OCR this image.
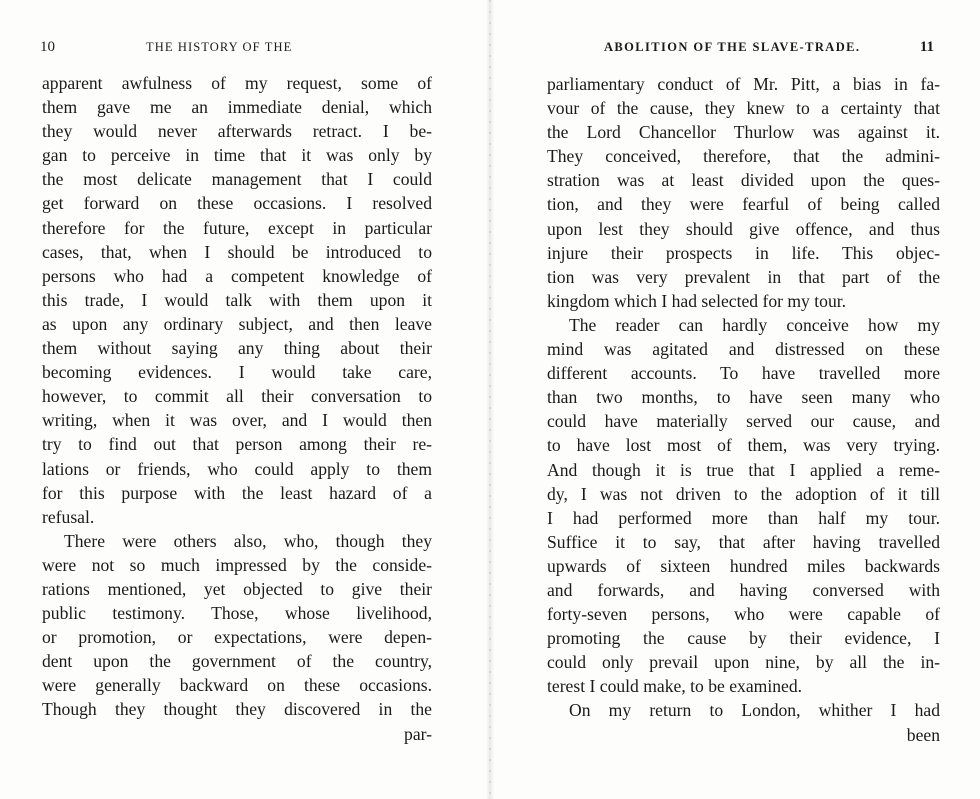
10	THE HISTORY OF THE
apparent awfulness of my request, some of
them gave me an immediate denial, which
they would never afterwards retract. I be-
gan to perceive in time that it was only by
the most delicate management that I could
get forward on these occasions. I resolved
therefore for the future, except in particular
cases, that, when I should be introduced to
persons who had a competent knowledge of
this trade, I would talk with them upon it
as upon any ordinary subject, and then leave
them without saying any thing about their
becoming evidences. I would take care,
however, to commit all their conversation to
writing, when it was over, and I would then
try to find out that person among their re-
lations or friends, who could apply to them
for this purpose with the least hazard of a
refusal.
There were others also, who, though they
were not so much impressed by the conside-
rations mentioned, yet objected to give their
public testimony. Those, whose livelihood,
or promotion, or expectations, were depen-
dent upon the government of the country,
were generally backward on these occasions.
Though they thought they discovered in the
par-
ABOLITION OF THE SLAVE-TRADE.	11
parliamentary conduct of Mr. Pitt, a bias in fa-
vour of the cause, they knew to a certainty that
the Lord Chancellor Thurlow was against it.
They conceived, therefore, that the admini-
stration was at least divided upon the ques-
tion, and they were fearful of being called
upon lest they should give offence, and thus
injure their prospects in life. This objec-
tion was very prevalent in that part of the
kingdom which I had selected for my tour.
The reader can hardly conceive how my
mind was agitated and distressed on these
different accounts. To have travelled more
than two months, to have seen many who
could have materially served our cause, and
to have lost most of them, was very trying.
And though it is true that I applied a reme-
dy, I was not driven to the adoption of it till
I had performed more than half my tour.
Suffice it to say, that after having travelled
upwards of sixteen hundred miles backwards
and forwards, and having conversed with
forty-seven persons, who were capable of
promoting the cause by their evidence, I
could only prevail upon nine, by all the in-
terest I could make, to be examined.
On my return to London, whither I had
been
